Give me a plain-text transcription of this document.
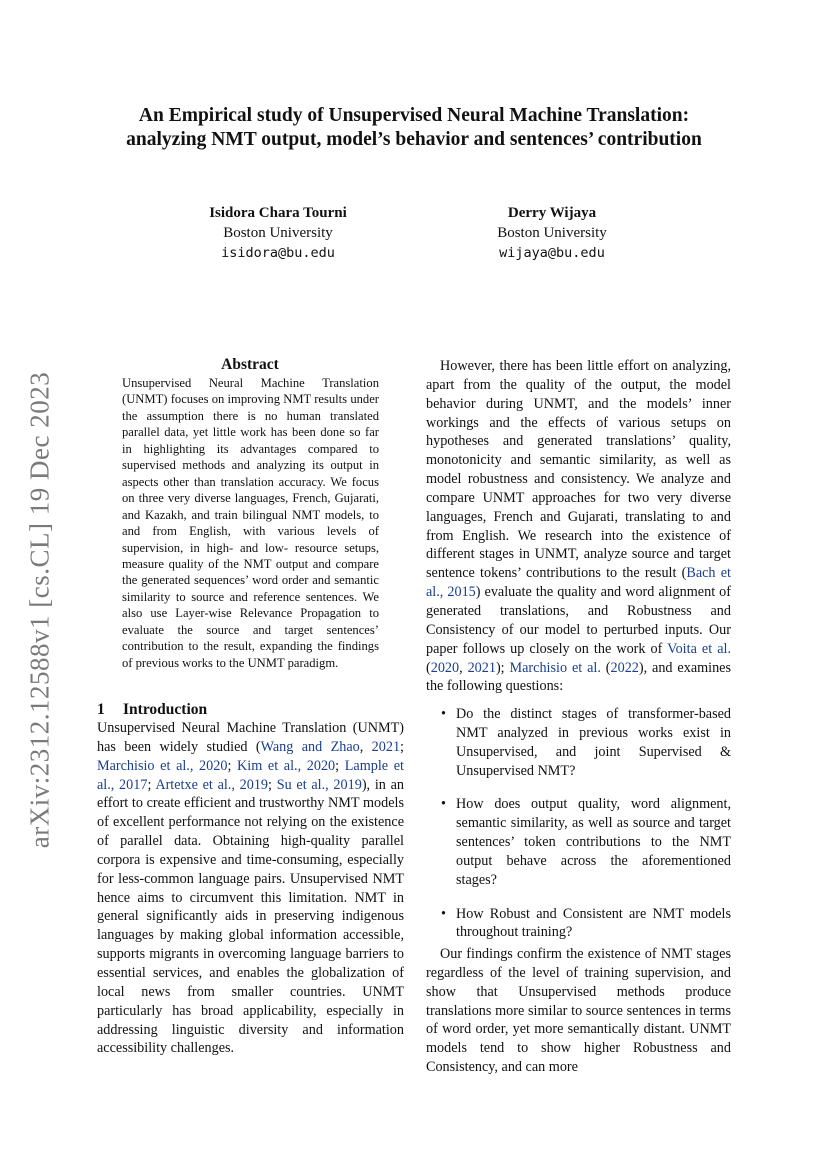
An Empirical study of Unsupervised Neural Machine Translation:
analyzing NMT output, model’s behavior and sentences’ contribution
Isidora Chara Tourni
Boston University
isidora@bu.edu
Derry Wijaya
Boston University
wijaya@bu.edu
arXiv:2312.12588v1 [cs.CL] 19 Dec 2023
Abstract

Unsupervised Neural Machine Translation (UNMT) focuses on improving NMT results under the assumption there is no human translated parallel data, yet little work has been done so far in highlighting its advantages compared to supervised methods and analyzing its output in aspects other than translation accuracy. We focus on three very diverse languages, French, Gujarati, and Kazakh, and train bilingual NMT models, to and from English, with various levels of supervision, in high- and low- resource setups, measure quality of the NMT output and compare the generated sequences’ word order and semantic similarity to source and reference sentences. We also use Layer-wise Relevance Propagation to evaluate the source and target sentences’ contribution to the result, expanding the findings of previous works to the UNMT paradigm.

1 Introduction

Unsupervised Neural Machine Translation (UNMT) has been widely studied (Wang and Zhao, 2021; Marchisio et al., 2020; Kim et al., 2020; Lample et al., 2017; Artetxe et al., 2019; Su et al., 2019), in an effort to create efficient and trustworthy NMT models of excellent performance not relying on the existence of parallel data. Obtaining high-quality parallel corpora is expensive and time-consuming, especially for less-common language pairs. Unsupervised NMT hence aims to circumvent this limitation. NMT in general significantly aids in preserving indigenous languages by making global information accessible, supports migrants in overcoming language barriers to essential services, and enables the globalization of local news from smaller countries. UNMT particularly has broad applicability, especially in addressing linguistic diversity and information accessibility challenges.

However, there has been little effort on analyzing, apart from the quality of the output, the model behavior during UNMT, and the models’ inner workings and the effects of various setups on hypotheses and generated translations’ quality, monotonicity and semantic similarity, as well as model robustness and consistency. We analyze and compare UNMT approaches for two very diverse languages, French and Gujarati, translating to and from English. We research into the existence of different stages in UNMT, analyze source and target sentence tokens’ contributions to the result (Bach et al., 2015) evaluate the quality and word alignment of generated translations, and Robustness and Consistency of our model to perturbed inputs. Our paper follows up closely on the work of Voita et al. (2020, 2021); Marchisio et al. (2022), and examines the following questions:

• Do the distinct stages of transformer-based NMT analyzed in previous works exist in Unsupervised, and joint Supervised & Unsupervised NMT?
• How does output quality, word alignment, semantic similarity, as well as source and target sentences’ token contributions to the NMT output behave across the aforementioned stages?
• How Robust and Consistent are NMT models throughout training?

Our findings confirm the existence of NMT stages regardless of the level of training supervision, and show that Unsupervised methods produce translations more similar to source sentences in terms of word order, yet more semantically distant. UNMT models tend to show higher Robustness and Consistency, and can more
